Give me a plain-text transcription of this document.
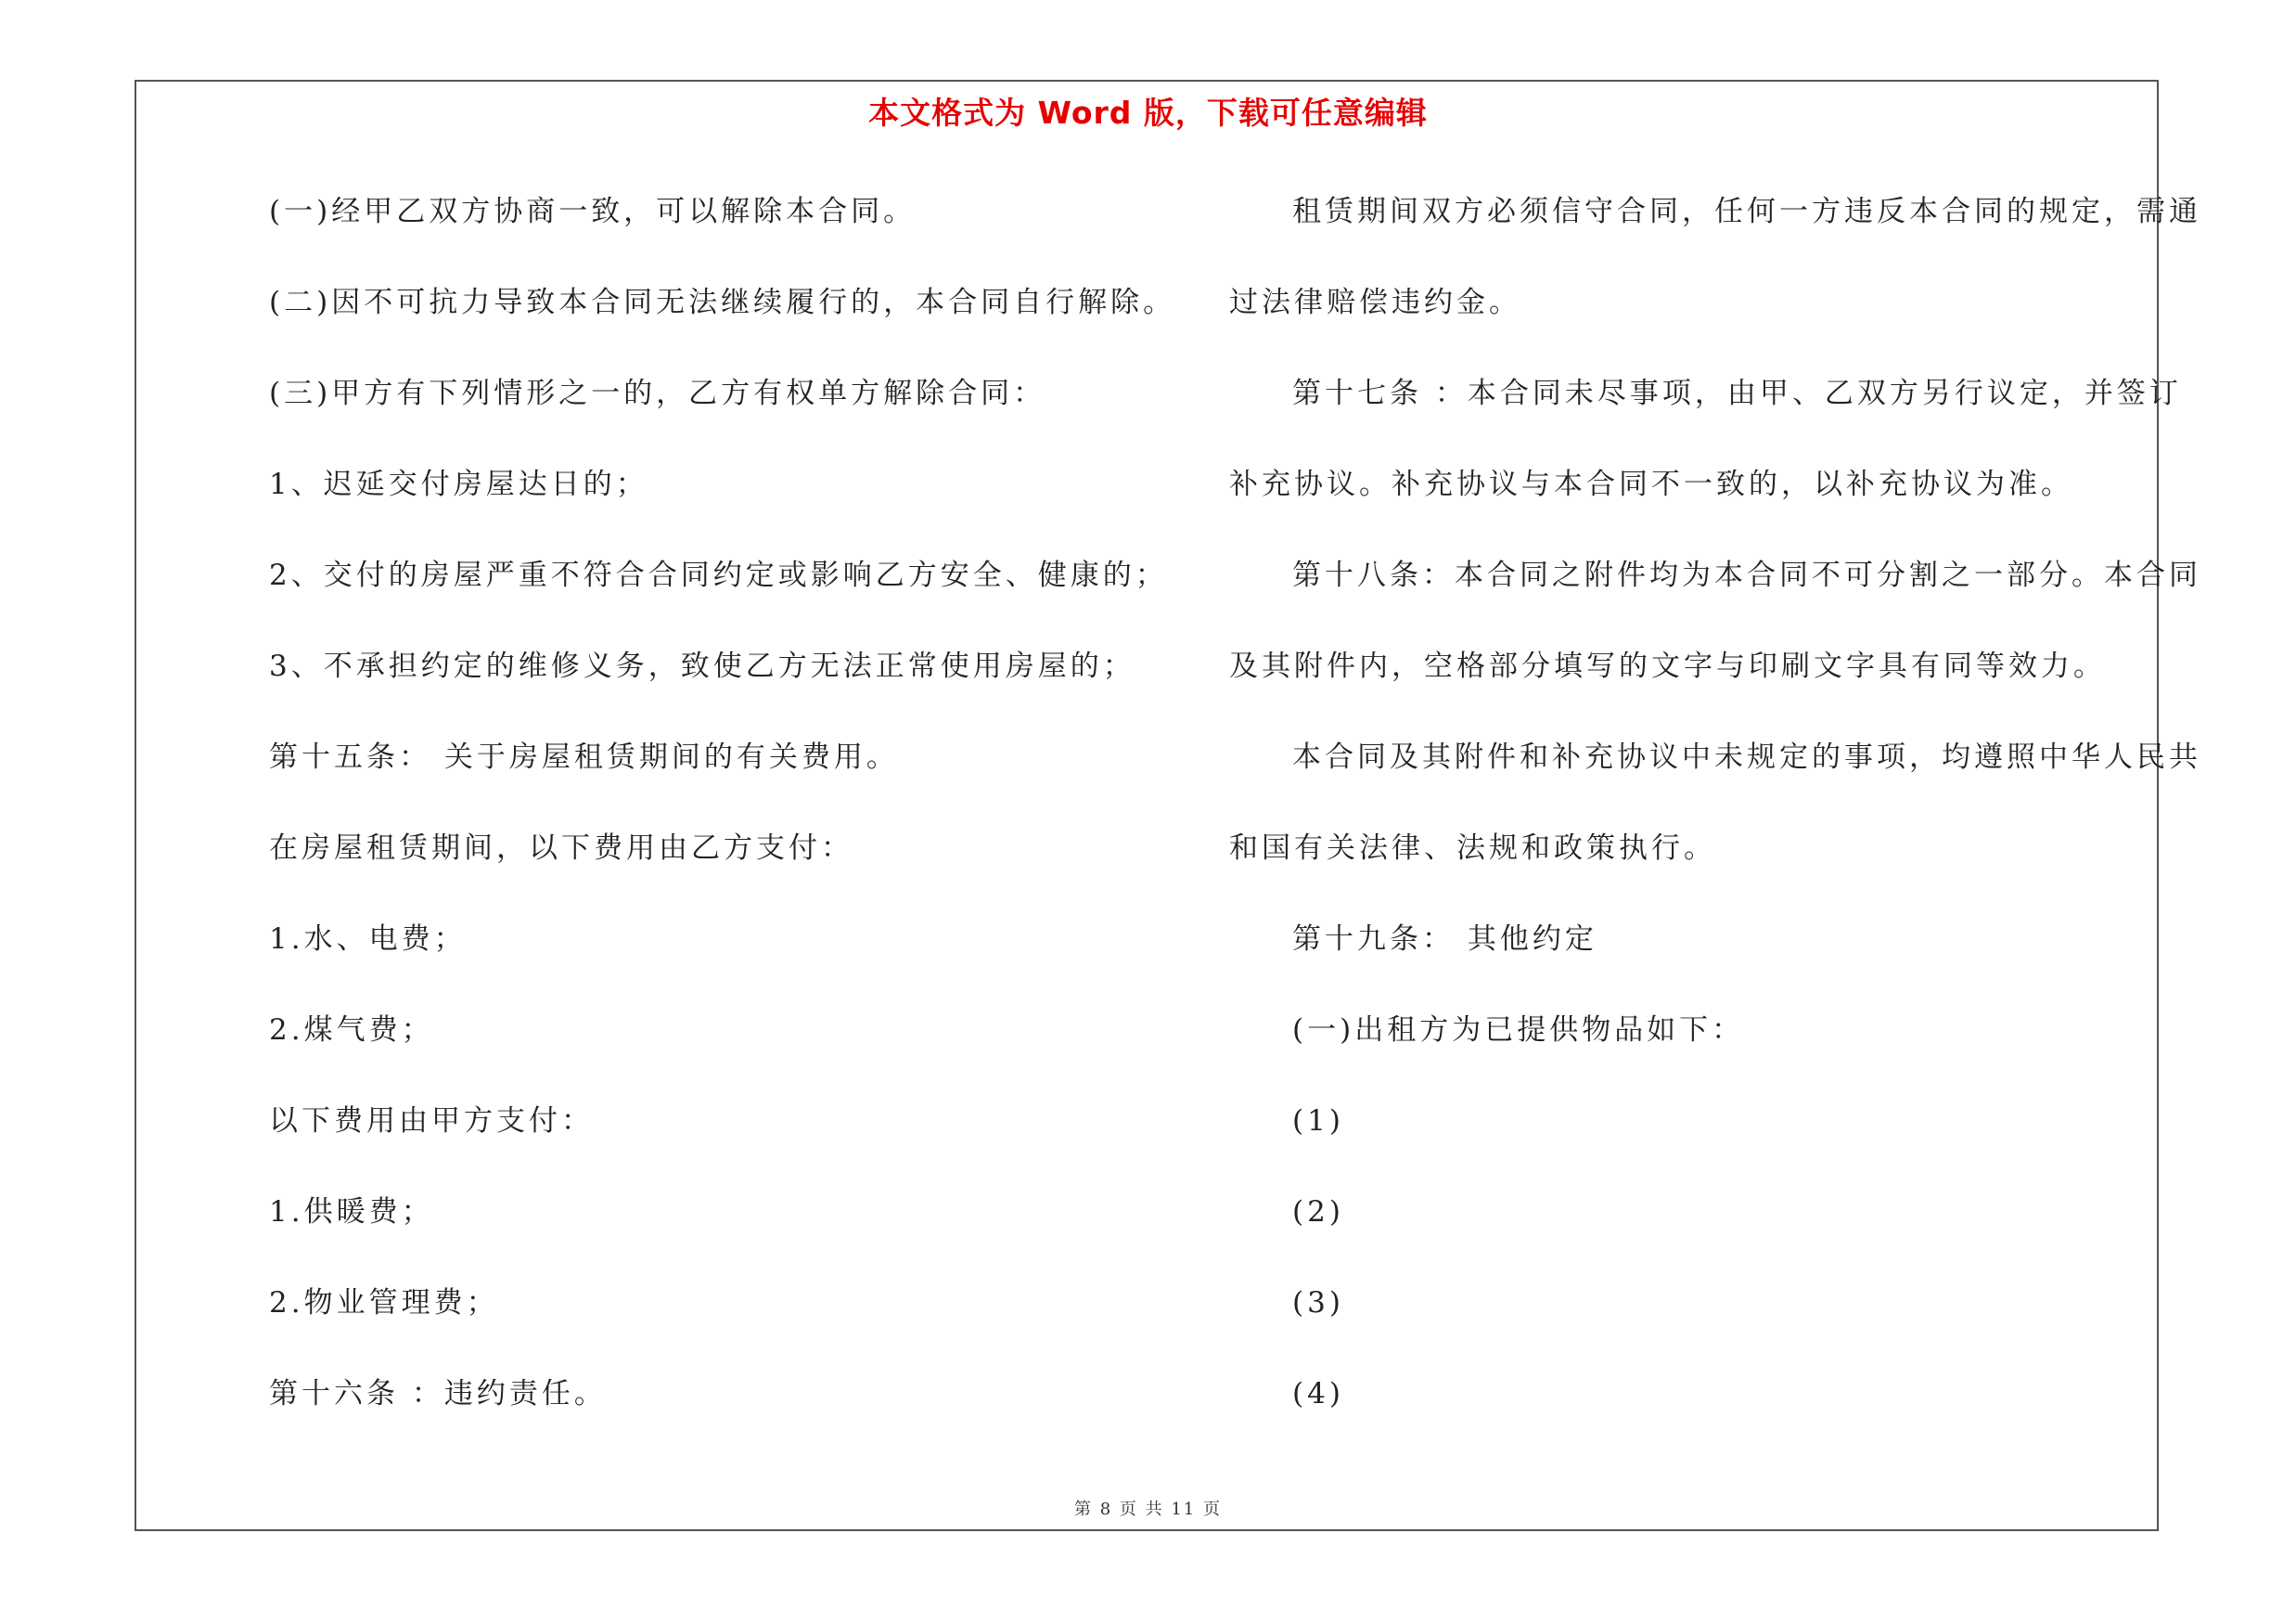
本文格式为 Word 版，下载可任意编辑
(一)经甲乙双方协商一致，可以解除本合同。
(二)因不可抗力导致本合同无法继续履行的，本合同自行解除。
(三)甲方有下列情形之一的，乙方有权单方解除合同：
1、迟延交付房屋达日的；
2、交付的房屋严重不符合合同约定或影响乙方安全、健康的；
3、不承担约定的维修义务，致使乙方无法正常使用房屋的；
第十五条： 关于房屋租赁期间的有关费用。
在房屋租赁期间，以下费用由乙方支付：
1.水、电费；
2.煤气费；
以下费用由甲方支付：
1.供暖费；
2.物业管理费；
第十六条 ：违约责任。
租赁期间双方必须信守合同，任何一方违反本合同的规定，需通
过法律赔偿违约金。
第十七条 ：本合同未尽事项，由甲、乙双方另行议定，并签订
补充协议。补充协议与本合同不一致的，以补充协议为准。
第十八条：本合同之附件均为本合同不可分割之一部分。本合同
及其附件内，空格部分填写的文字与印刷文字具有同等效力。
本合同及其附件和补充协议中未规定的事项，均遵照中华人民共
和国有关法律、法规和政策执行。
第十九条： 其他约定
(一)出租方为已提供物品如下：
(1)
(2)
(3)
(4)
第 8 页 共 11 页
